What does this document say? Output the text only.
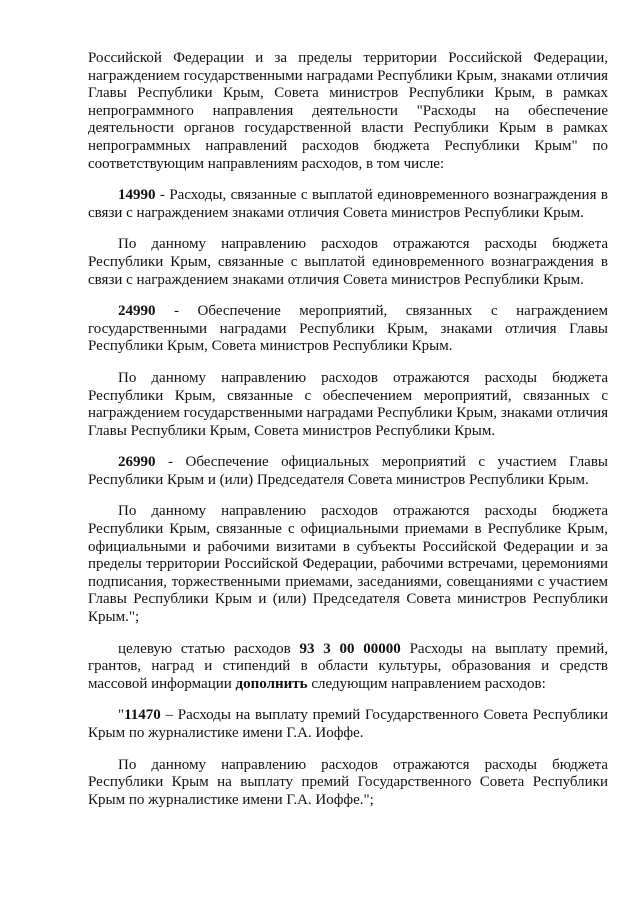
Российской Федерации и за пределы территории Российской Федерации, награждением государственными наградами Республики Крым, знаками отличия Главы Республики Крым, Совета министров Республики Крым, в рамках непрограммного направления деятельности "Расходы на обеспечение деятельности органов государственной власти Республики Крым в рамках непрограммных направлений расходов бюджета Республики Крым" по соответствующим направлениям расходов, в том числе:

14990 - Расходы, связанные с выплатой единовременного вознаграждения в связи с награждением знаками отличия Совета министров Республики Крым.

По данному направлению расходов отражаются расходы бюджета Республики Крым, связанные с выплатой единовременного вознаграждения в связи с награждением знаками отличия Совета министров Республики Крым.

24990 - Обеспечение мероприятий, связанных с награждением государственными наградами Республики Крым, знаками отличия Главы Республики Крым, Совета министров Республики Крым.

По данному направлению расходов отражаются расходы бюджета Республики Крым, связанные с обеспечением мероприятий, связанных с награждением государственными наградами Республики Крым, знаками отличия Главы Республики Крым, Совета министров Республики Крым.

26990 - Обеспечение официальных мероприятий с участием Главы Республики Крым и (или) Председателя Совета министров Республики Крым.

По данному направлению расходов отражаются расходы бюджета Республики Крым, связанные с официальными приемами в Республике Крым, официальными и рабочими визитами в субъекты Российской Федерации и за пределы территории Российской Федерации, рабочими встречами, церемониями подписания, торжественными приемами, заседаниями, совещаниями с участием Главы Республики Крым и (или) Председателя Совета министров Республики Крым.";

целевую статью расходов 93 3 00 00000 Расходы на выплату премий, грантов, наград и стипендий в области культуры, образования и средств массовой информации дополнить следующим направлением расходов:

"11470 – Расходы на выплату премий Государственного Совета Республики Крым по журналистике имени Г.А. Иоффе.

По данному направлению расходов отражаются расходы бюджета Республики Крым на выплату премий Государственного Совета Республики Крым по журналистике имени Г.А. Иоффе.";
